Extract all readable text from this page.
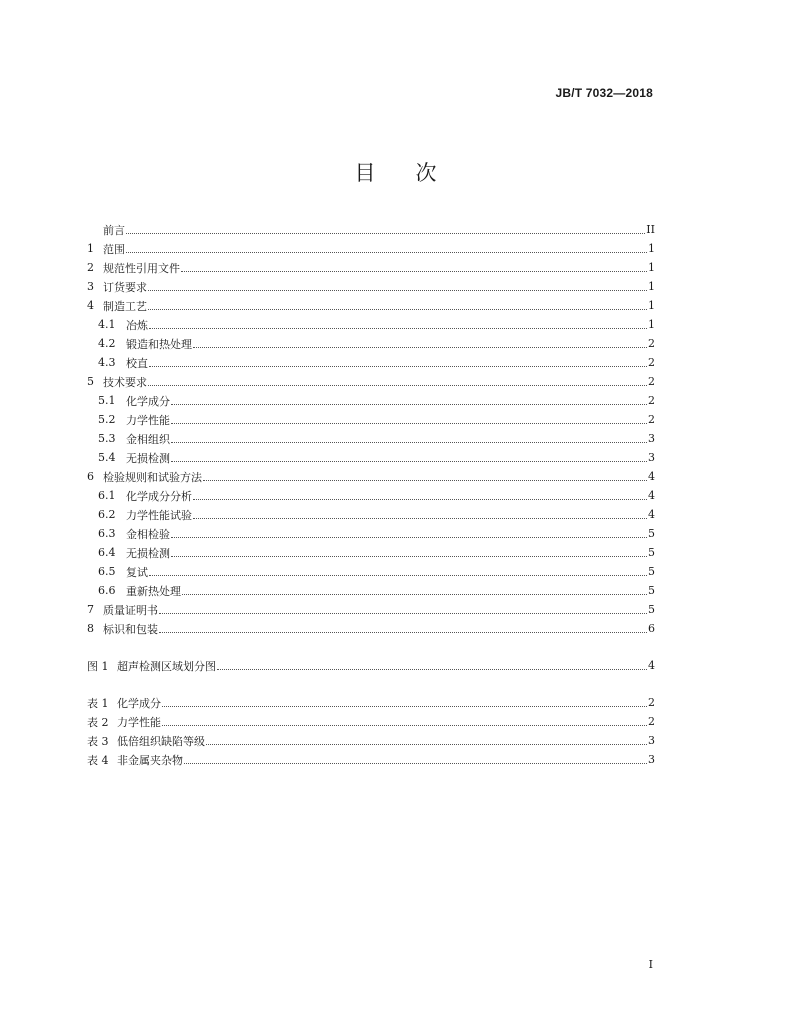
JB/T 7032—2018
目 次
前言	II
1 范围	1
2 规范性引用文件	1
3 订货要求	1
4 制造工艺	1
4.1 冶炼	1
4.2 锻造和热处理	2
4.3 校直	2
5 技术要求	2
5.1 化学成分	2
5.2 力学性能	2
5.3 金相组织	3
5.4 无损检测	3
6 检验规则和试验方法	4
6.1 化学成分分析	4
6.2 力学性能试验	4
6.3 金相检验	5
6.4 无损检测	5
6.5 复试	5
6.6 重新热处理	5
7 质量证明书	5
8 标识和包装	6
图 1 超声检测区域划分图	4
表 1 化学成分	2
表 2 力学性能	2
表 3 低倍组织缺陷等级	3
表 4 非金属夹杂物	3
I
